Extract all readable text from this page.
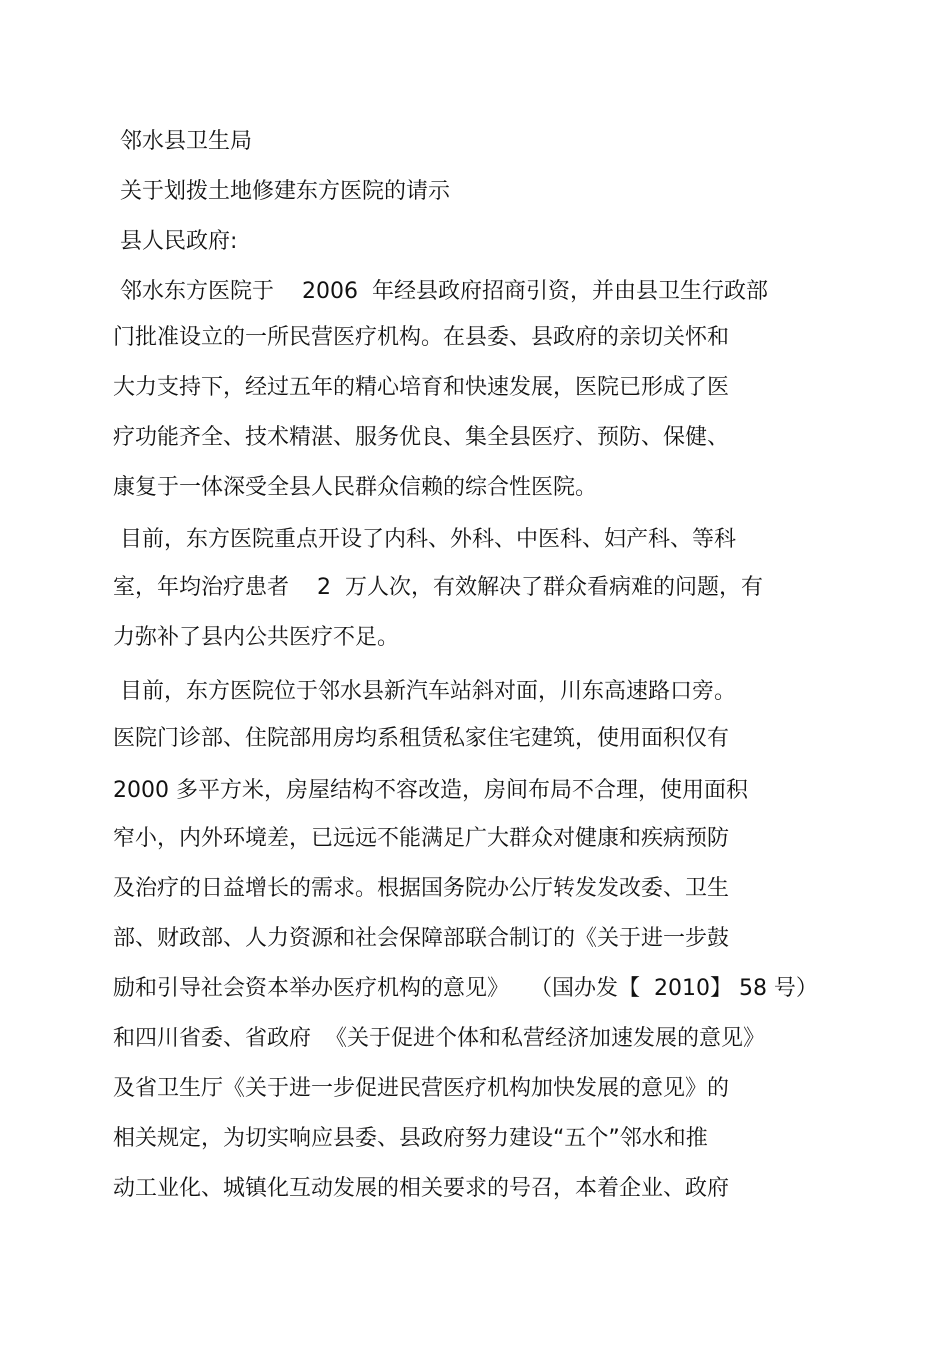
邻水县卫生局
关于划拨土地修建东方医院的请示
县人民政府:
邻水东方医院于    2006  年经县政府招商引资，并由县卫生行政部
门批准设立的一所民营医疗机构。在县委、县政府的亲切关怀和
大力支持下，经过五年的精心培育和快速发展，医院已形成了医
疗功能齐全、技术精湛、服务优良、集全县医疗、预防、保健、
康复于一体深受全县人民群众信赖的综合性医院。
目前，东方医院重点开设了内科、外科、中医科、妇产科、等科
室，年均治疗患者    2  万人次，有效解决了群众看病难的问题，有
力弥补了县内公共医疗不足。
目前，东方医院位于邻水县新汽车站斜对面，川东高速路口旁。
医院门诊部、住院部用房均系租赁私家住宅建筑，使用面积仅有
2000 多平方米，房屋结构不容改造，房间布局不合理，使用面积
窄小，内外环境差，已远远不能满足广大群众对健康和疾病预防
及治疗的日益增长的需求。根据国务院办公厅转发发改委、卫生
部、财政部、人力资源和社会保障部联合制订的《关于进一步鼓
励和引导社会资本举办医疗机构的意见》   （国办发【  2010】 58 号）
和四川省委、省政府  《关于促进个体和私营经济加速发展的意见》
及省卫生厅《关于进一步促进民营医疗机构加快发展的意见》的
相关规定，为切实响应县委、县政府努力建设“五个”邻水和推
动工业化、城镇化互动发展的相关要求的号召，本着企业、政府
